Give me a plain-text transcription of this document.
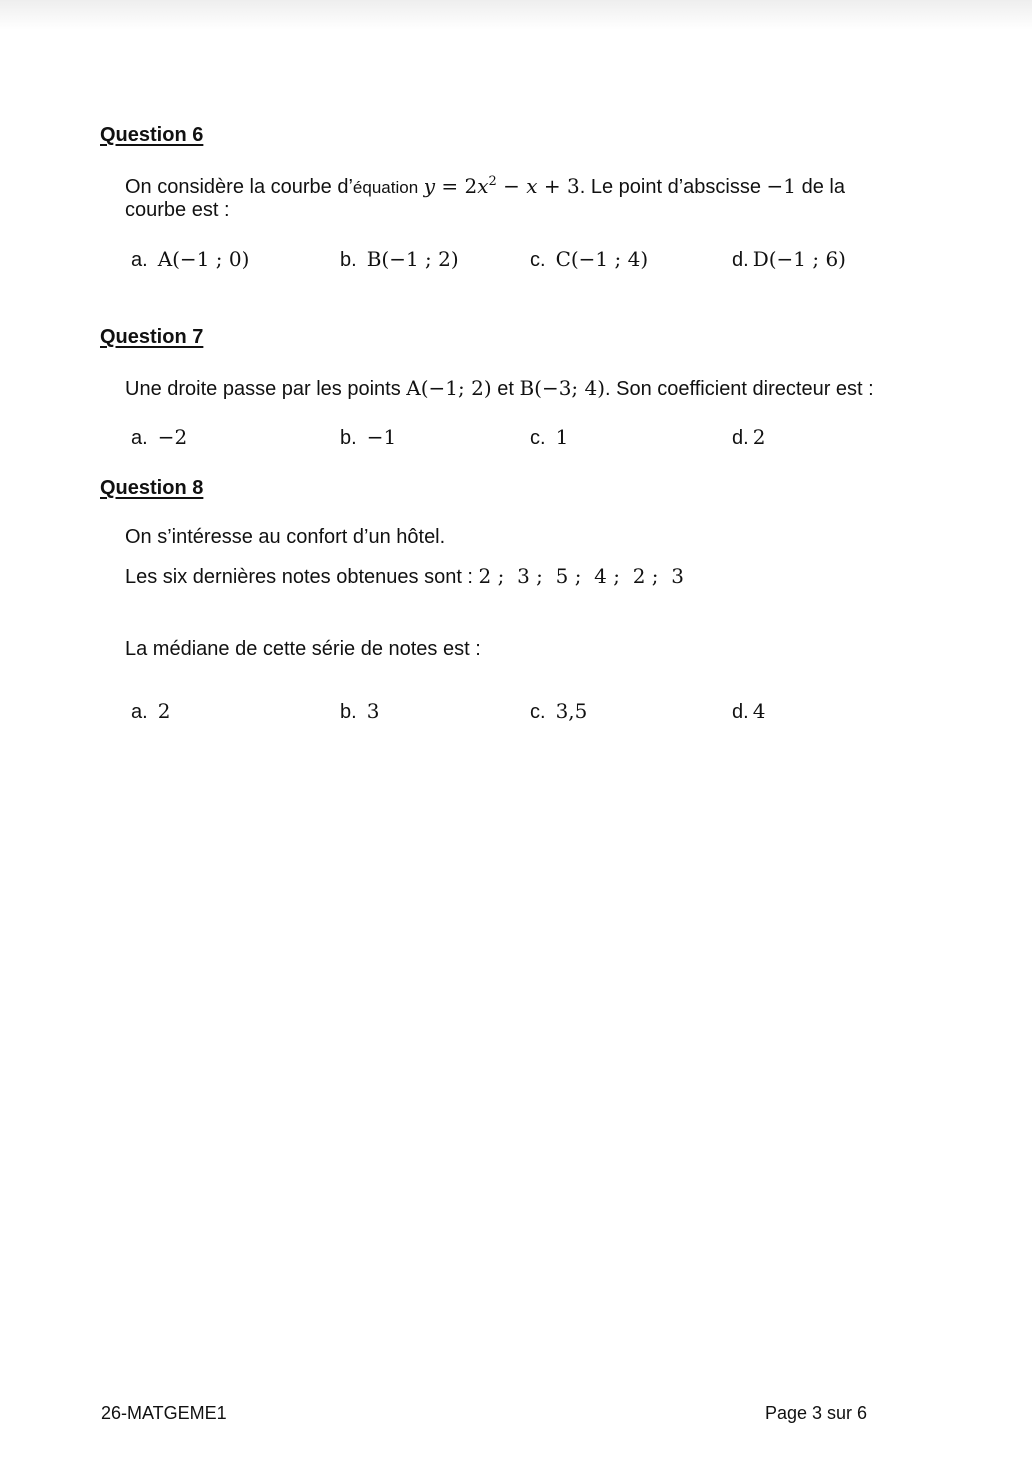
Question 6
On considère la courbe d’équation $y = 2x^2 - x + 3$. Le point d’abscisse −1 de la
courbe est :
a. A(−1 ; 0)	b. B(−1 ; 2)	c. C(−1 ; 4)	d. D(−1 ; 6)
Question 7
Une droite passe par les points A(−1; 2) et B(−3; 4). Son coefficient directeur est :
a. −2	b. −1	c. 1	d. 2
Question 8
On s’intéresse au confort d’un hôtel.
Les six dernières notes obtenues sont : 2 ;  3 ;  5 ;  4 ;  2 ;  3
La médiane de cette série de notes est :
a. 2	b. 3	c. 3,5	d. 4
26-MATGEME1	Page 3 sur 6
